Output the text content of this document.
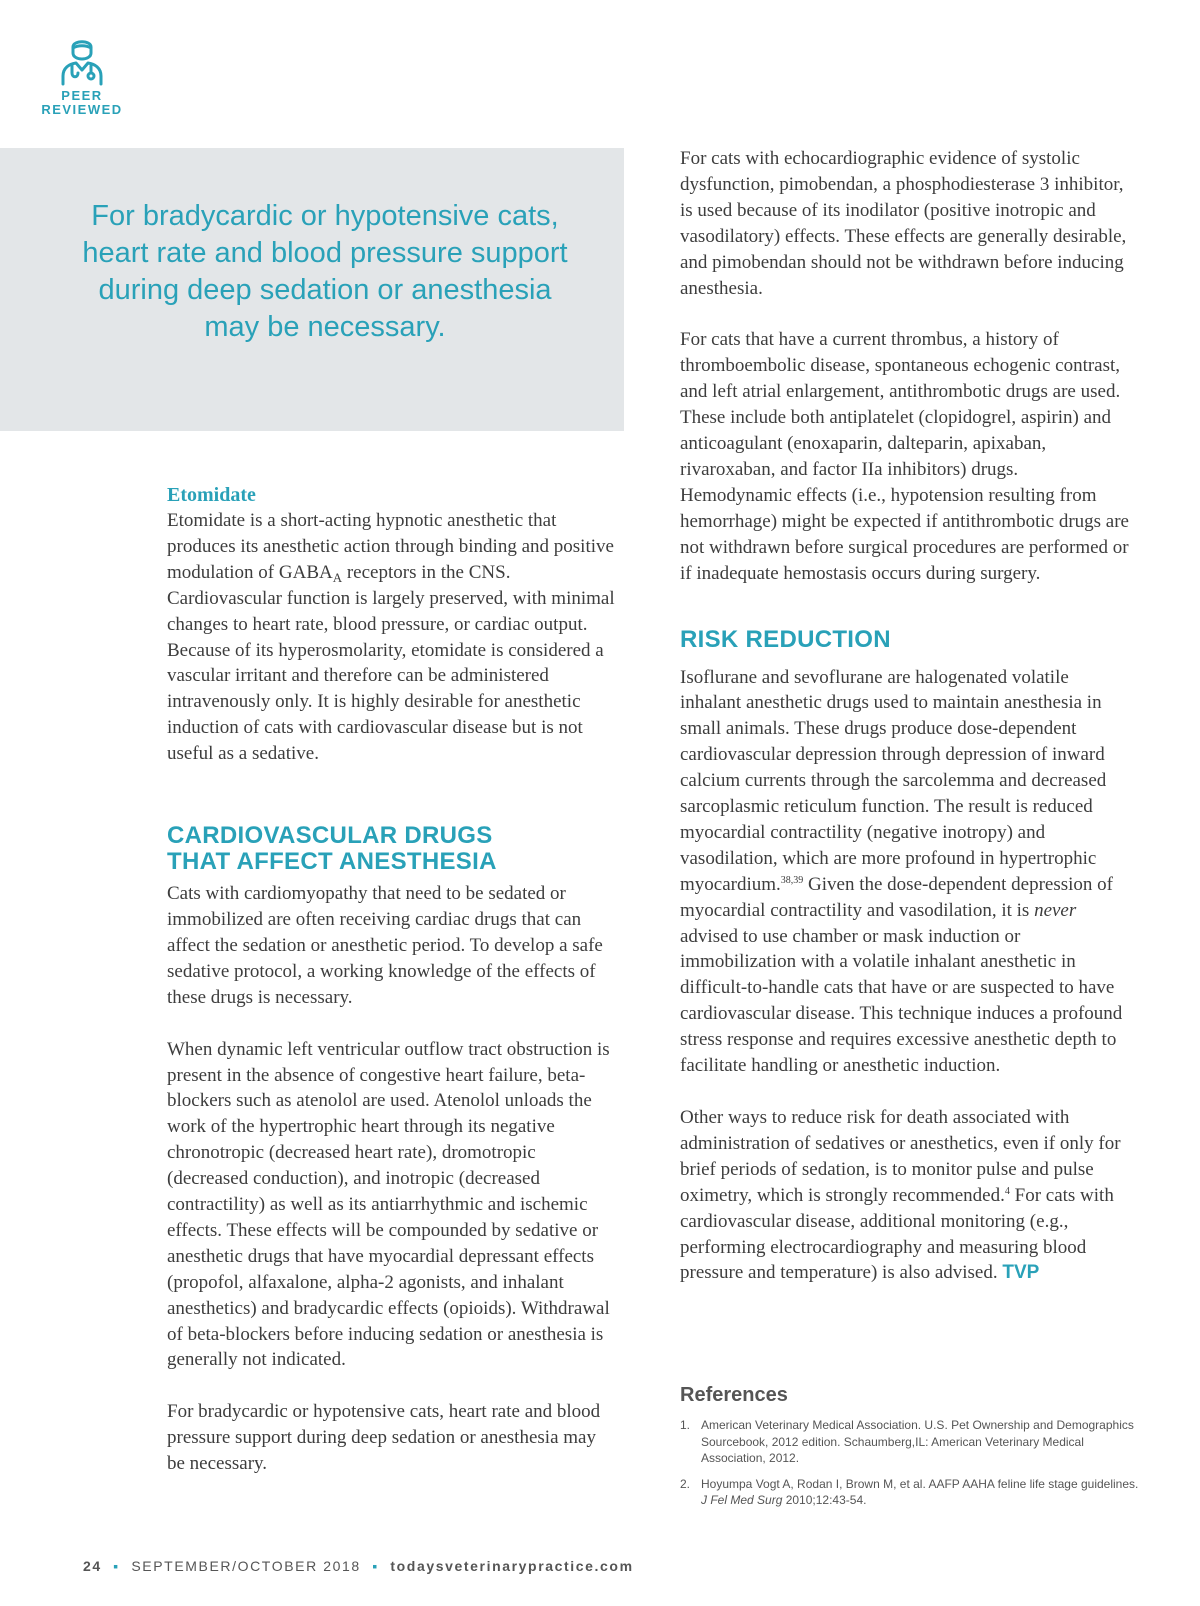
PEER
REVIEWED

For bradycardic or hypotensive cats, heart rate and blood pressure support during deep sedation or anesthesia may be necessary.

Etomidate

Etomidate is a short-acting hypnotic anesthetic that produces its anesthetic action through binding and positive modulation of $GABA_A$ receptors in the CNS. Cardiovascular function is largely preserved, with minimal changes to heart rate, blood pressure, or cardiac output. Because of its hyperosmolarity, etomidate is considered a vascular irritant and therefore can be administered intravenously only. It is highly desirable for anesthetic induction of cats with cardiovascular disease but is not useful as a sedative.

CARDIOVASCULAR DRUGS
THAT AFFECT ANESTHESIA

Cats with cardiomyopathy that need to be sedated or immobilized are often receiving cardiac drugs that can affect the sedation or anesthetic period. To develop a safe sedative protocol, a working knowledge of the effects of these drugs is necessary.

When dynamic left ventricular outflow tract obstruction is present in the absence of congestive heart failure, beta-blockers such as atenolol are used. Atenolol unloads the work of the hypertrophic heart through its negative chronotropic (decreased heart rate), dromotropic (decreased conduction), and inotropic (decreased contractility) as well as its antiarrhythmic and ischemic effects. These effects will be compounded by sedative or anesthetic drugs that have myocardial depressant effects (propofol, alfaxalone, alpha-2 agonists, and inhalant anesthetics) and bradycardic effects (opioids). Withdrawal of beta-blockers before inducing sedation or anesthesia is generally not indicated.

For bradycardic or hypotensive cats, heart rate and blood pressure support during deep sedation or anesthesia may be necessary.

For cats with echocardiographic evidence of systolic dysfunction, pimobendan, a phosphodiesterase 3 inhibitor, is used because of its inodilator (positive inotropic and vasodilatory) effects. These effects are generally desirable, and pimobendan should not be withdrawn before inducing anesthesia.

For cats that have a current thrombus, a history of thromboembolic disease, spontaneous echogenic contrast, and left atrial enlargement, antithrombotic drugs are used. These include both antiplatelet (clopidogrel, aspirin) and anticoagulant (enoxaparin, dalteparin, apixaban, rivaroxaban, and factor IIa inhibitors) drugs. Hemodynamic effects (i.e., hypotension resulting from hemorrhage) might be expected if antithrombotic drugs are not withdrawn before surgical procedures are performed or if inadequate hemostasis occurs during surgery.

RISK REDUCTION

Isoflurane and sevoflurane are halogenated volatile inhalant anesthetic drugs used to maintain anesthesia in small animals. These drugs produce dose-dependent cardiovascular depression through depression of inward calcium currents through the sarcolemma and decreased sarcoplasmic reticulum function. The result is reduced myocardial contractility (negative inotropy) and vasodilation, which are more profound in hypertrophic myocardium.$^{38,39}$ Given the dose-dependent depression of myocardial contractility and vasodilation, it is never advised to use chamber or mask induction or immobilization with a volatile inhalant anesthetic in difficult-to-handle cats that have or are suspected to have cardiovascular disease. This technique induces a profound stress response and requires excessive anesthetic depth to facilitate handling or anesthetic induction.

Other ways to reduce risk for death associated with administration of sedatives or anesthetics, even if only for brief periods of sedation, is to monitor pulse and pulse oximetry, which is strongly recommended.$^4$ For cats with cardiovascular disease, additional monitoring (e.g., performing electrocardiography and measuring blood pressure and temperature) is also advised. TVP

References
1. American Veterinary Medical Association. U.S. Pet Ownership and Demographics Sourcebook, 2012 edition. Schaumberg,IL: American Veterinary Medical Association, 2012.
2. Hoyumpa Vogt A, Rodan I, Brown M, et al. AAFP AAHA feline life stage guidelines. J Fel Med Surg 2010;12:43-54.
24 ▪ SEPTEMBER/OCTOBER 2018 ▪ todaysveterinarypractice.com
